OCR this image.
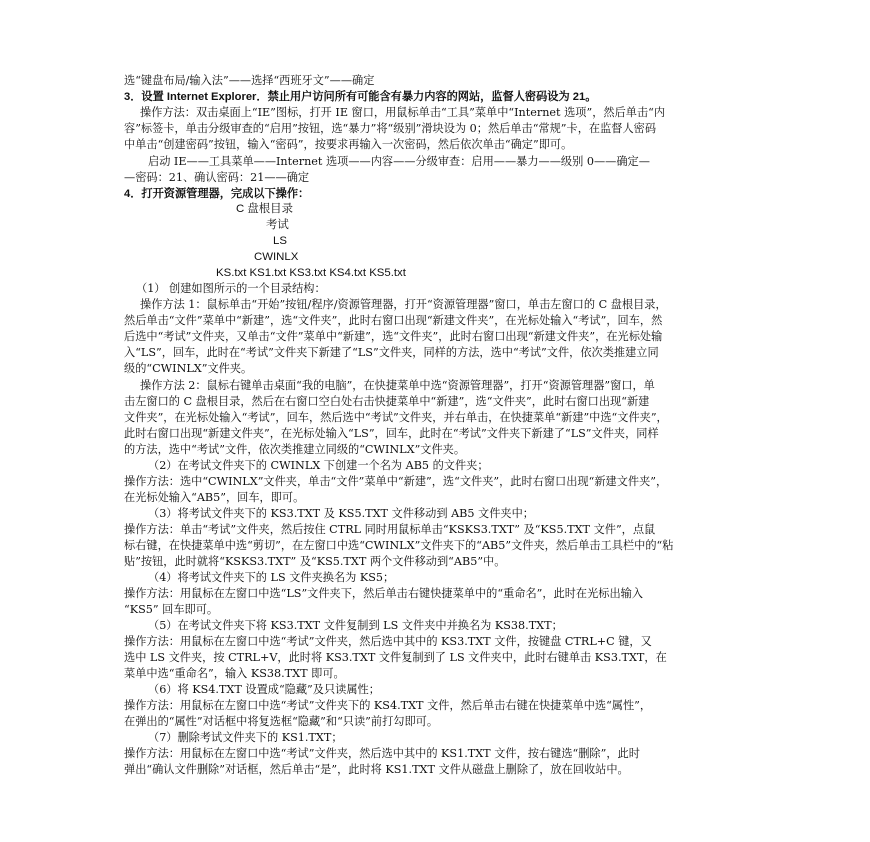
选“键盘布局/输入法”——选择“西班牙文”——确定
3．设置 Internet Explorer．禁止用户访问所有可能含有暴力内容的网站，监督人密码设为 21。
操作方法：双击桌面上“IE”图标，打开 IE 窗口，用鼠标单击“工具”菜单中“Internet 选项”，然后单击“内
容”标签卡，单击分级审查的“启用”按钮，选“暴力”将“级别”滑块设为 0；然后单击“常规”卡，在监督人密码
中单击“创建密码”按钮，输入“密码”，按要求再输入一次密码，然后依次单击“确定”即可。
启动 IE——工具菜单——Internet 选项——内容——分级审查：启用——暴力——级别 0——确定—
—密码：21、确认密码：21——确定
4．打开资源管理器，完成以下操作：
C 盘根目录
考试
LS
CWINLX
KS.txt KS1.txt KS3.txt KS4.txt KS5.txt
（1） 创建如图所示的一个目录结构：
操作方法 1：鼠标单击“开始”按钮/程序/资源管理器，打开“资源管理器”窗口，单击左窗口的 C 盘根目录，
然后单击“文件”菜单中“新建”，选“文件夹”，此时右窗口出现“新建文件夹”，在光标处输入“考试”，回车，然
后选中“考试”文件夹，又单击“文件”菜单中“新建”，选“文件夹”，此时右窗口出现“新建文件夹”，在光标处输
入“LS”，回车，此时在“考试”文件夹下新建了“LS”文件夹，同样的方法，选中“考试”文件，依次类推建立同
级的“CWINLX”文件夹。
操作方法 2：鼠标右键单击桌面“我的电脑”，在快捷菜单中选“资源管理器”，打开“资源管理器”窗口，单
击左窗口的 C 盘根目录，然后在右窗口空白处右击快捷菜单中“新建”，选“文件夹”，此时右窗口出现“新建
文件夹”，在光标处输入“考试”，回车，然后选中“考试”文件夹，并右单击，在快捷菜单“新建”中选“文件夹”，
此时右窗口出现“新建文件夹”，在光标处输入“LS”，回车，此时在“考试”文件夹下新建了“LS”文件夹，同样
的方法，选中“考试”文件，依次类推建立同级的“CWINLX”文件夹。
（2）在考试文件夹下的 CWINLX 下创建一个名为 AB5 的文件夹；
操作方法：选中“CWINLX”文件夹，单击“文件”菜单中“新建”，选“文件夹”，此时右窗口出现“新建文件夹”，
在光标处输入“AB5”，回车，即可。
（3）将考试文件夹下的 KS3.TXT 及 KS5.TXT 文件移动到 AB5 文件夹中；
操作方法：单击“考试”文件夹，然后按住 CTRL 同时用鼠标单击“KSKS3.TXT” 及“KS5.TXT 文件”，点鼠
标右键，在快捷菜单中选“剪切”，在左窗口中选“CWINLX”文件夹下的“AB5”文件夹，然后单击工具栏中的“粘
贴”按钮，此时就将“KSKS3.TXT” 及“KS5.TXT 两个文件移动到“AB5”中。
（4）将考试文件夹下的 LS 文件夹换名为 KS5；
操作方法：用鼠标在左窗口中选“LS”文件夹下，然后单击右键快捷菜单中的“重命名”，此时在光标出输入
“KS5” 回车即可。
（5）在考试文件夹下将 KS3.TXT 文件复制到 LS 文件夹中并换名为 KS38.TXT；
操作方法：用鼠标在左窗口中选“考试”文件夹，然后选中其中的 KS3.TXT 文件，按键盘 CTRL+C 键，又
选中 LS 文件夹，按 CTRL+V，此时将 KS3.TXT 文件复制到了 LS 文件夹中，此时右键单击 KS3.TXT，在
菜单中选“重命名”，输入 KS38.TXT 即可。
（6）将 KS4.TXT 设置成“隐藏”及只读属性；
操作方法：用鼠标在左窗口中选“考试”文件夹下的 KS4.TXT 文件，然后单击右键在快捷菜单中选“属性”，
在弹出的“属性”对话框中将复选框“隐藏”和“只读”前打勾即可。
（7）删除考试文件夹下的 KS1.TXT；
操作方法：用鼠标在左窗口中选“考试”文件夹，然后选中其中的 KS1.TXT 文件，按右键选“删除”，此时
弹出“确认文件删除”对话框，然后单击“是”，此时将 KS1.TXT 文件从磁盘上删除了，放在回收站中。
